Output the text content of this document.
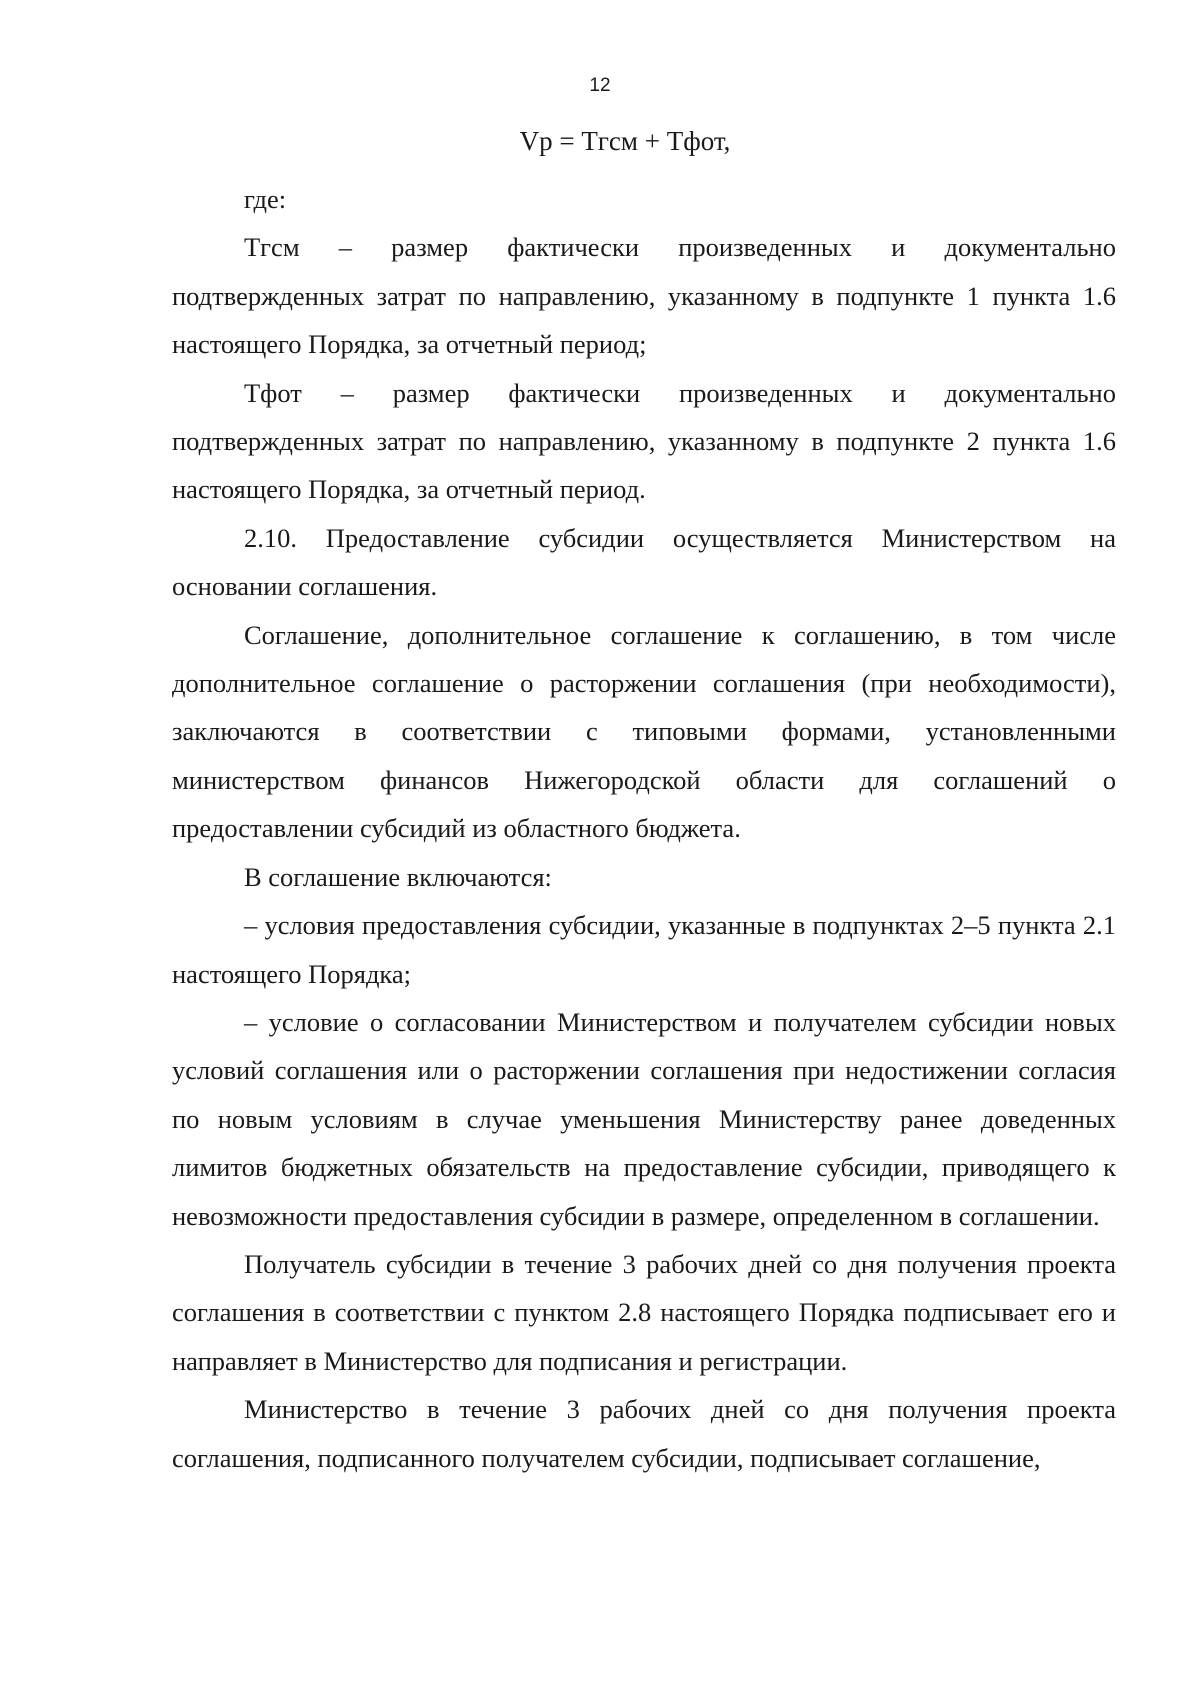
12
Vp = Тгсм + Тфот,

где:

Тгсм – размер фактически произведенных и документально подтвержденных затрат по направлению, указанному в подпункте 1 пункта 1.6 настоящего Порядка, за отчетный период;

Тфот – размер фактически произведенных и документально подтвержденных затрат по направлению, указанному в подпункте 2 пункта 1.6 настоящего Порядка, за отчетный период.

2.10. Предоставление субсидии осуществляется Министерством на основании соглашения.

Соглашение, дополнительное соглашение к соглашению, в том числе дополнительное соглашение о расторжении соглашения (при необходимости), заключаются в соответствии с типовыми формами, установленными министерством финансов Нижегородской области для соглашений о предоставлении субсидий из областного бюджета.

В соглашение включаются:

– условия предоставления субсидии, указанные в подпунктах 2–5 пункта 2.1 настоящего Порядка;

– условие о согласовании Министерством и получателем субсидии новых условий соглашения или о расторжении соглашения при недостижении согласия по новым условиям в случае уменьшения Министерству ранее доведенных лимитов бюджетных обязательств на предоставление субсидии, приводящего к невозможности предоставления субсидии в размере, определенном в соглашении.

Получатель субсидии в течение 3 рабочих дней со дня получения проекта соглашения в соответствии с пунктом 2.8 настоящего Порядка подписывает его и направляет в Министерство для подписания и регистрации.

Министерство в течение 3 рабочих дней со дня получения проекта соглашения, подписанного получателем субсидии, подписывает соглашение,
